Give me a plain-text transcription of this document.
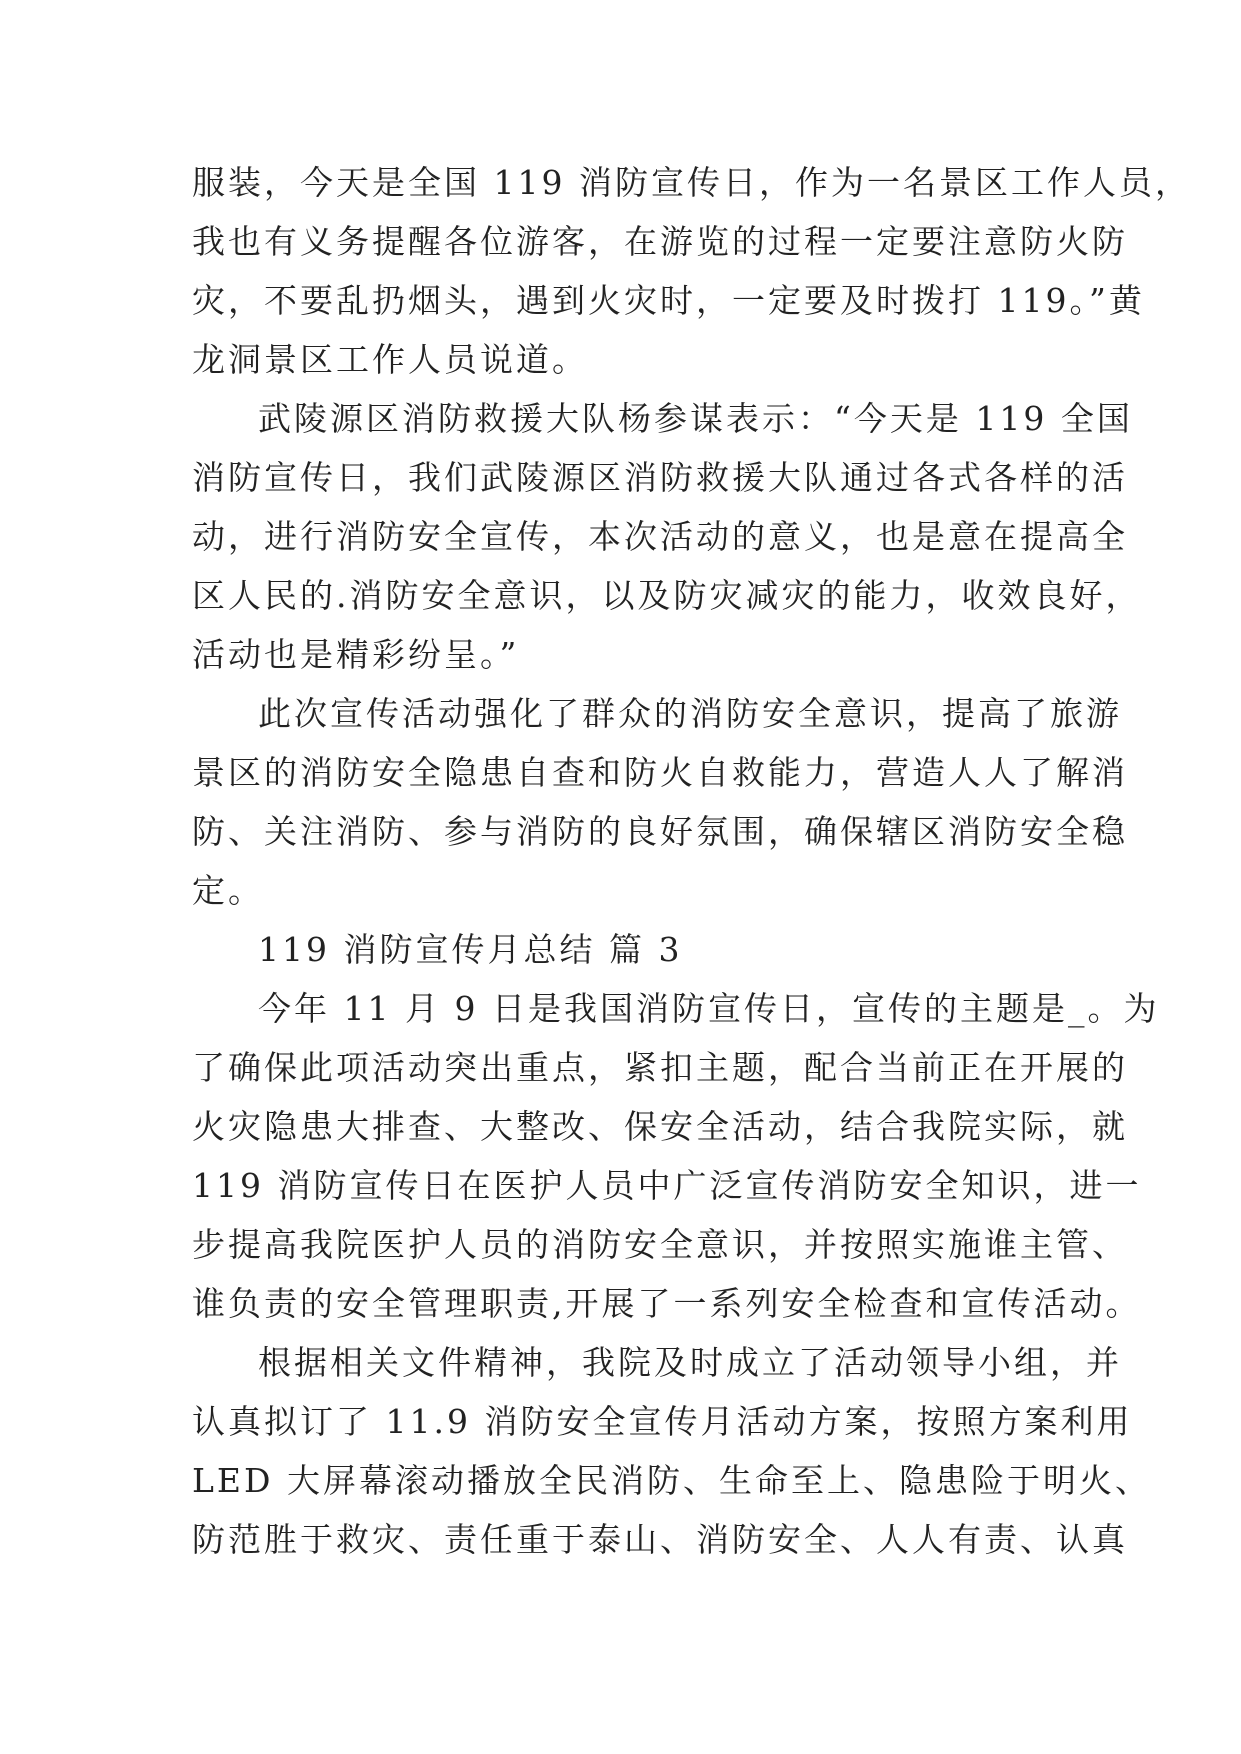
服装，今天是全国 119 消防宣传日，作为一名景区工作人员，
我也有义务提醒各位游客，在游览的过程一定要注意防火防
灾，不要乱扔烟头，遇到火灾时，一定要及时拨打 119。”黄
龙洞景区工作人员说道。
武陵源区消防救援大队杨参谋表示：“今天是 119 全国
消防宣传日，我们武陵源区消防救援大队通过各式各样的活
动，进行消防安全宣传，本次活动的意义，也是意在提高全
区人民的.消防安全意识，以及防灾减灾的能力，收效良好，
活动也是精彩纷呈。”
此次宣传活动强化了群众的消防安全意识，提高了旅游
景区的消防安全隐患自查和防火自救能力，营造人人了解消
防、关注消防、参与消防的良好氛围，确保辖区消防安全稳
定。
119 消防宣传月总结 篇 3
今年 11 月 9 日是我国消防宣传日，宣传的主题是_。为
了确保此项活动突出重点，紧扣主题，配合当前正在开展的
火灾隐患大排查、大整改、保安全活动，结合我院实际，就
119 消防宣传日在医护人员中广泛宣传消防安全知识，进一
步提高我院医护人员的消防安全意识，并按照实施谁主管、
谁负责的安全管理职责,开展了一系列安全检查和宣传活动。
根据相关文件精神，我院及时成立了活动领导小组，并
认真拟订了 11.9 消防安全宣传月活动方案，按照方案利用
LED 大屏幕滚动播放全民消防、生命至上、隐患险于明火、
防范胜于救灾、责任重于泰山、消防安全、人人有责、认真
